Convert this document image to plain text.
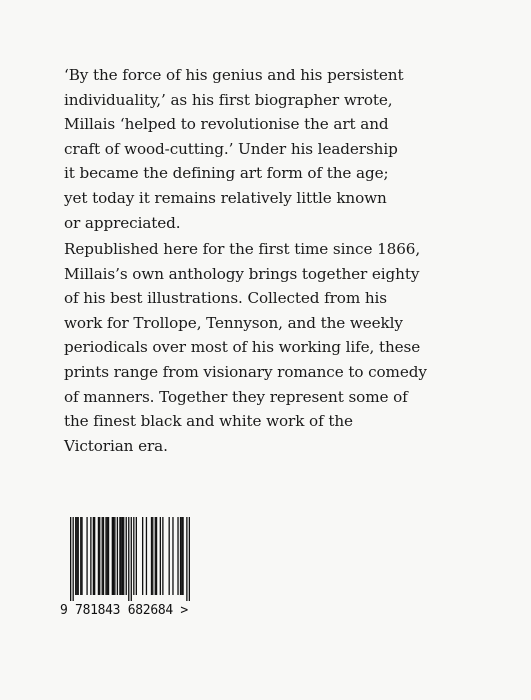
‘By the force of his genius and his persistent
individuality,’ as his first biographer wrote,
Millais ‘helped to revolutionise the art and
craft of wood-cutting.’ Under his leadership
it became the defining art form of the age;
yet today it remains relatively little known
or appreciated.
Republished here for the first time since 1866,
Millais’s own anthology brings together eighty
of his best illustrations. Collected from his
work for Trollope, Tennyson, and the weekly
periodicals over most of his working life, these
prints range from visionary romance to comedy
of manners. Together they represent some of
the finest black and white work of the
Victorian era.
9 781843 682684 >
